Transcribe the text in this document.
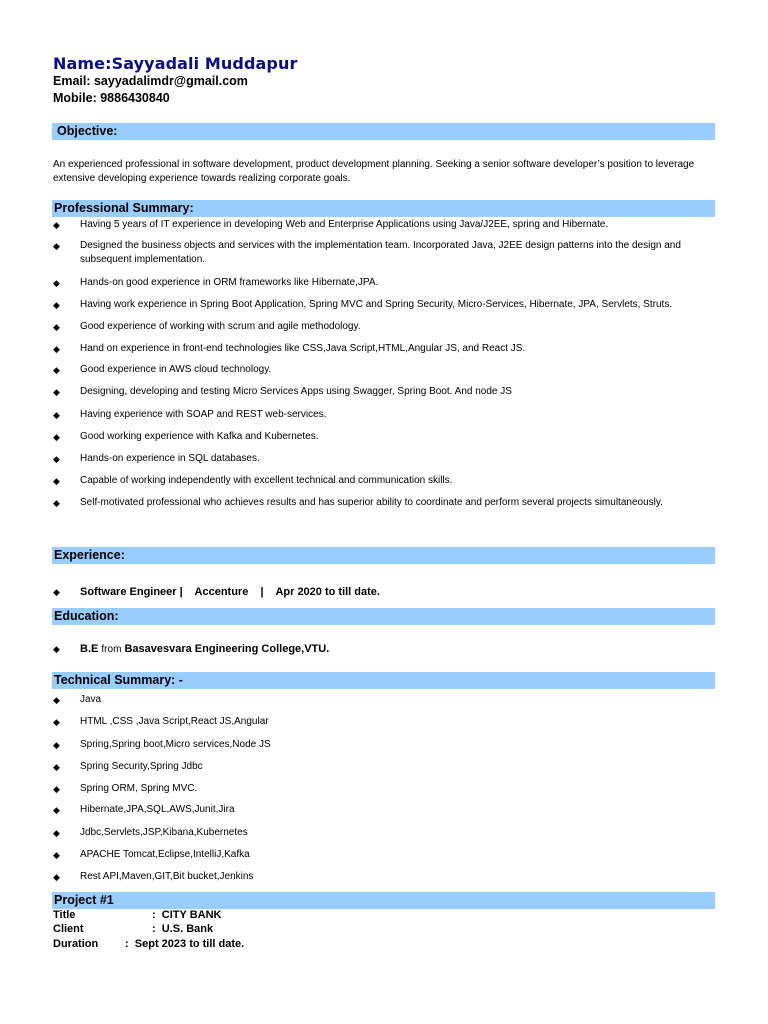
Name:Sayyadali Muddapur
Email: sayyadalimdr@gmail.com
Mobile: 9886430840
Objective:
An experienced professional in software development, product development planning. Seeking a senior software developer’s position to leverage extensive developing experience towards realizing corporate goals.
Professional Summary:
◆ Having 5 years of IT experience in developing Web and Enterprise Applications using Java/J2EE, spring and Hibernate.
◆ Designed the business objects and services with the implementation team. Incorporated Java, J2EE design patterns into the design and subsequent implementation.
◆ Hands-on good experience in ORM frameworks like Hibernate,JPA.
◆ Having work experience in Spring Boot Application, Spring MVC and Spring Security, Micro-Services, Hibernate, JPA, Servlets, Struts.
◆ Good experience of working with scrum and agile methodology.
◆ Hand on experience in front-end technologies like CSS,Java Script,HTML,Angular JS, and React JS.
◆ Good experience in AWS cloud technology.
◆ Designing, developing and testing Micro Services Apps using Swagger, Spring Boot. And node JS
◆ Having experience with SOAP and REST web-services.
◆ Good working experience with Kafka and Kubernetes.
◆ Hands-on experience in SQL databases.
◆ Capable of working independently with excellent technical and communication skills.
◆ Self-motivated professional who achieves results and has superior ability to coordinate and perform several projects simultaneously.
Experience:
◆ Software Engineer |    Accenture    |    Apr 2020 to till date.
Education:
◆ B.E from Basavesvara Engineering College,VTU.
Technical Summary: -
◆ Java
◆ HTML ,CSS ,Java Script,React JS,Angular
◆ Spring,Spring boot,Micro services,Node JS
◆ Spring Security,Spring Jdbc
◆ Spring ORM, Spring MVC.
◆ Hibernate,JPA,SQL,AWS,Junit,Jira
◆ Jdbc,Servlets,JSP,Kibana,Kubernetes
◆ APACHE Tomcat,Eclipse,IntelliJ,Kafka
◆ Rest API,Maven,GIT,Bit bucket,Jenkins
Project #1
Title	:  CITY BANK
Client	:  U.S. Bank
Duration :  Sept 2023 to till date.
